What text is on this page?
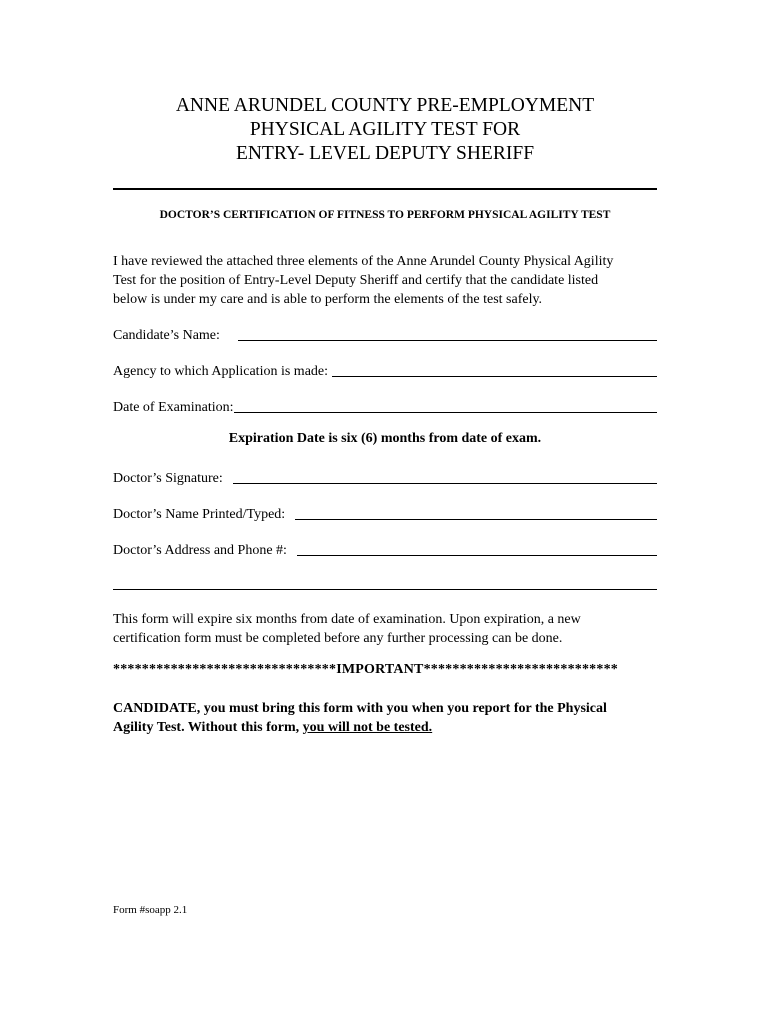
ANNE ARUNDEL COUNTY PRE-EMPLOYMENT
PHYSICAL AGILITY TEST FOR
ENTRY- LEVEL DEPUTY SHERIFF
DOCTOR’S CERTIFICATION OF FITNESS TO PERFORM PHYSICAL AGILITY TEST
I have reviewed the attached three elements of the Anne Arundel County Physical Agility
Test for the position of Entry-Level Deputy Sheriff and certify that the candidate listed
below is under my care and is able to perform the elements of the test safely.
Candidate’s Name:
Agency to which Application is made:
Date of Examination:
Expiration Date is six (6) months from date of exam.
Doctor’s Signature:
Doctor’s Name Printed/Typed:
Doctor’s Address and Phone #:
This form will expire six months from date of examination. Upon expiration, a new
certification form must be completed before any further processing can be done.
*******************************IMPORTANT***************************
CANDIDATE, you must bring this form with you when you report for the Physical
Agility Test. Without this form, you will not be tested.
Form #soapp 2.1
